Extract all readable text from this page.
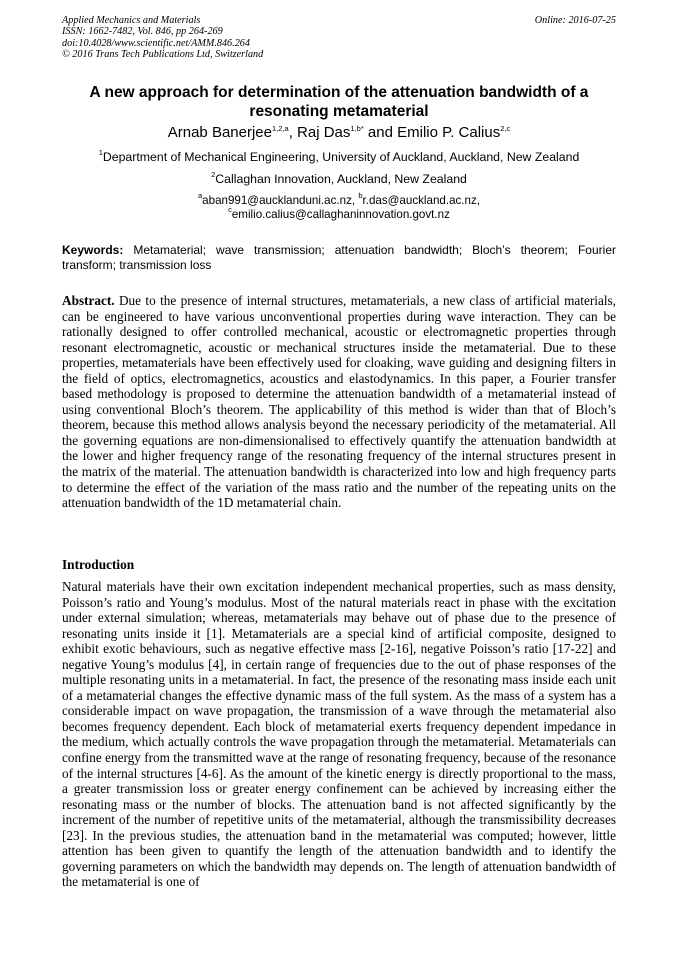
Applied Mechanics and Materials
ISSN: 1662-7482, Vol. 846, pp 264-269
doi:10.4028/www.scientific.net/AMM.846.264
© 2016 Trans Tech Publications Ltd, Switzerland
Online: 2016-07-25
A new approach for determination of the attenuation bandwidth of a resonating metamaterial
Arnab Banerjee$^{1,2,a}$, Raj Das$^{1,b*}$ and Emilio P. Calius$^{2,c}$
$^1$Department of Mechanical Engineering, University of Auckland, Auckland, New Zealand
$^2$Callaghan Innovation, Auckland, New Zealand
$^a$aban991@aucklanduni.ac.nz, $^b$r.das@auckland.ac.nz,
$^c$emilio.calius@callaghaninnovation.govt.nz
Keywords: Metamaterial; wave transmission; attenuation bandwidth; Bloch’s theorem; Fourier transform; transmission loss
Abstract. Due to the presence of internal structures, metamaterials, a new class of artificial materials, can be engineered to have various unconventional properties during wave interaction. They can be rationally designed to offer controlled mechanical, acoustic or electromagnetic properties through resonant electromagnetic, acoustic or mechanical structures inside the metamaterial. Due to these properties, metamaterials have been effectively used for cloaking, wave guiding and designing filters in the field of optics, electromagnetics, acoustics and elastodynamics. In this paper, a Fourier transfer based methodology is proposed to determine the attenuation bandwidth of a metamaterial instead of using conventional Bloch’s theorem. The applicability of this method is wider than that of Bloch’s theorem, because this method allows analysis beyond the necessary periodicity of the metamaterial. All the governing equations are non-dimensionalised to effectively quantify the attenuation bandwidth at the lower and higher frequency range of the resonating frequency of the internal structures present in the matrix of the material. The attenuation bandwidth is characterized into low and high frequency parts to determine the effect of the variation of the mass ratio and the number of the repeating units on the attenuation bandwidth of the 1D metamaterial chain.
Introduction
Natural materials have their own excitation independent mechanical properties, such as mass density, Poisson’s ratio and Young’s modulus. Most of the natural materials react in phase with the excitation under external simulation; whereas, metamaterials may behave out of phase due to the presence of resonating units inside it [1]. Metamaterials are a special kind of artificial composite, designed to exhibit exotic behaviours, such as negative effective mass [2-16], negative Poisson’s ratio [17-22] and negative Young’s modulus [4], in certain range of frequencies due to the out of phase responses of the multiple resonating units in a metamaterial. In fact, the presence of the resonating mass inside each unit of a metamaterial changes the effective dynamic mass of the full system. As the mass of a system has a considerable impact on wave propagation, the transmission of a wave through the metamaterial also becomes frequency dependent. Each block of metamaterial exerts frequency dependent impedance in the medium, which actually controls the wave propagation through the metamaterial. Metamaterials can confine energy from the transmitted wave at the range of resonating frequency, because of the resonance of the internal structures [4-6]. As the amount of the kinetic energy is directly proportional to the mass, a greater transmission loss or greater energy confinement can be achieved by increasing either the resonating mass or the number of blocks. The attenuation band is not affected significantly by the increment of the number of repetitive units of the metamaterial, although the transmissibility decreases [23]. In the previous studies, the attenuation band in the metamaterial was computed; however, little attention has been given to quantify the length of the attenuation bandwidth and to identify the governing parameters on which the bandwidth may depends on. The length of attenuation bandwidth of the metamaterial is one of
